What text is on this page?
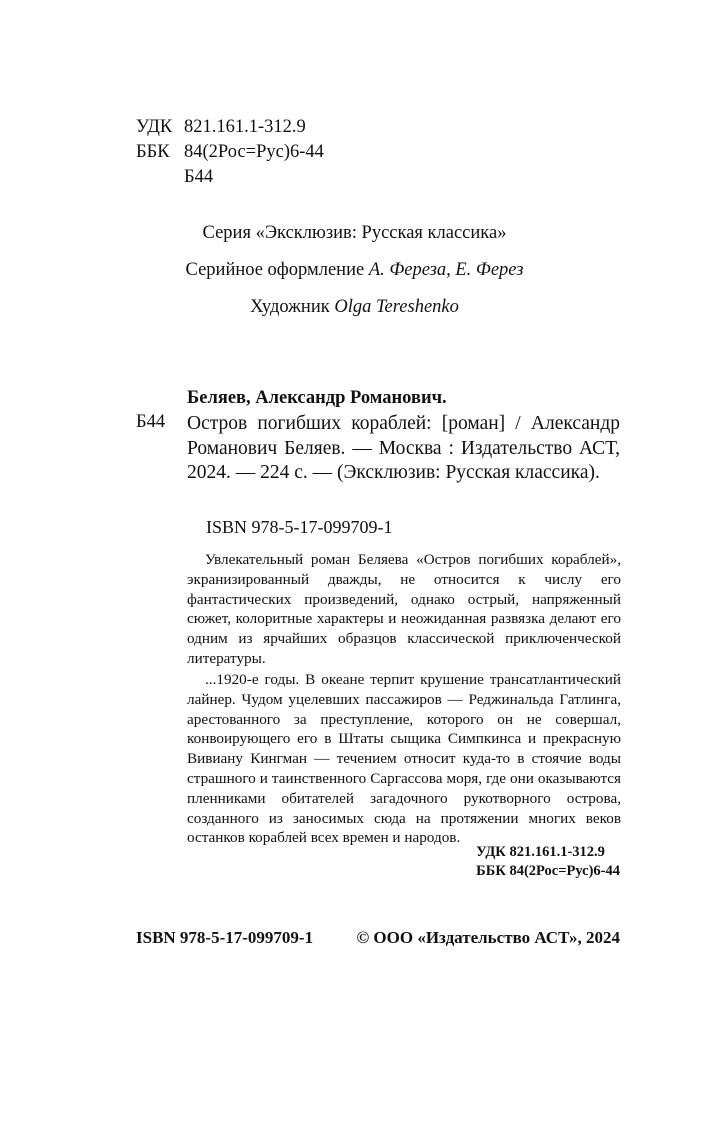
УДК 821.161.1-312.9
ББК 84(2Рос=Рус)6-44
Б44
Серия «Эксклюзив: Русская классика»
Серийное оформление А. Фереза, Е. Ферез
Художник Olga Tereshenko
Беляев, Александр Романович.
Б44 Остров погибших кораблей: [роман] / Александр Романович Беляев. — Москва : Издательство АСТ, 2024. — 224 с. — (Эксклюзив: Русская классика).
ISBN 978-5-17-099709-1
Увлекательный роман Беляева «Остров погибших кораблей», экранизированный дважды, не относится к числу его фантастических произведений, однако острый, напряженный сюжет, колоритные характеры и неожиданная развязка делают его одним из ярчайших образцов классической приключенческой литературы.
...1920-е годы. В океане терпит крушение трансатлантический лайнер. Чудом уцелевших пассажиров — Реджинальда Гатлинга, арестованного за преступление, которого он не совершал, конвоирующего его в Штаты сыщика Симпкинса и прекрасную Вивиану Кингман — течением относит куда-то в стоячие воды страшного и таинственного Саргассова моря, где они оказываются пленниками обитателей загадочного рукотворного острова, созданного из заносимых сюда на протяжении многих веков останков кораблей всех времен и народов.
УДК 821.161.1-312.9
ББК 84(2Рос=Рус)6-44
ISBN 978-5-17-099709-1	© ООО «Издательство АСТ», 2024
